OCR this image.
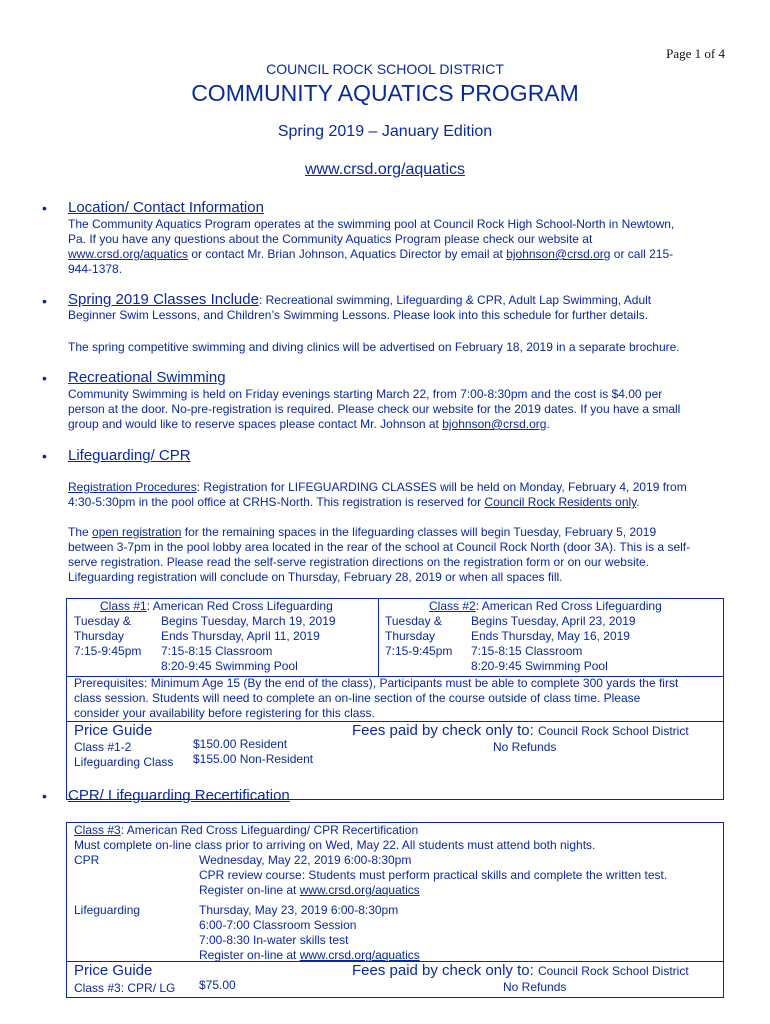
Page 1 of 4
COUNCIL ROCK SCHOOL DISTRICT
COMMUNITY AQUATICS PROGRAM
Spring 2019 – January Edition
www.crsd.org/aquatics
• Location/ Contact Information
The Community Aquatics Program operates at the swimming pool at Council Rock High School-North in Newtown,
Pa. If you have any questions about the Community Aquatics Program please check our website at
www.crsd.org/aquatics or contact Mr. Brian Johnson, Aquatics Director by email at bjohnson@crsd.org or call 215-
944-1378.
• Spring 2019 Classes Include: Recreational swimming, Lifeguarding & CPR, Adult Lap Swimming, Adult
Beginner Swim Lessons, and Children’s Swimming Lessons. Please look into this schedule for further details.
The spring competitive swimming and diving clinics will be advertised on February 18, 2019 in a separate brochure.
• Recreational Swimming
Community Swimming is held on Friday evenings starting March 22, from 7:00-8:30pm and the cost is $4.00 per
person at the door. No-pre-registration is required. Please check our website for the 2019 dates. If you have a small
group and would like to reserve spaces please contact Mr. Johnson at bjohnson@crsd.org.
• Lifeguarding/ CPR
Registration Procedures: Registration for LIFEGUARDING CLASSES will be held on Monday, February 4, 2019 from
4:30-5:30pm in the pool office at CRHS-North. This registration is reserved for Council Rock Residents only.
The open registration for the remaining spaces in the lifeguarding classes will begin Tuesday, February 5, 2019
between 3-7pm in the pool lobby area located in the rear of the school at Council Rock North (door 3A). This is a self-
serve registration. Please read the self-serve registration directions on the registration form or on our website.
Lifeguarding registration will conclude on Thursday, February 28, 2019 or when all spaces fill.
Class #1: American Red Cross Lifeguarding
Tuesday &
Thursday
7:15-9:45pm
Begins Tuesday, March 19, 2019
Ends Thursday, April 11, 2019
7:15-8:15 Classroom
8:20-9:45 Swimming Pool
Class #2: American Red Cross Lifeguarding
Tuesday &
Thursday
7:15-9:45pm
Begins Tuesday, April 23, 2019
Ends Thursday, May 16, 2019
7:15-8:15 Classroom
8:20-9:45 Swimming Pool
Prerequisites: Minimum Age 15 (By the end of the class), Participants must be able to complete 300 yards the first
class session. Students will need to complete an on-line section of the course outside of class time. Please
consider your availability before registering for this class.
Price Guide
Class #1-2
Lifeguarding Class
$150.00 Resident
$155.00 Non-Resident
Fees paid by check only to: Council Rock School District
No Refunds
• CPR/ Lifeguarding Recertification
Class #3: American Red Cross Lifeguarding/ CPR Recertification
Must complete on-line class prior to arriving on Wed, May 22. All students must attend both nights.
CPR	Wednesday, May 22, 2019 6:00-8:30pm
CPR review course: Students must perform practical skills and complete the written test.
Register on-line at www.crsd.org/aquatics
Lifeguarding	Thursday, May 23, 2019 6:00-8:30pm
6:00-7:00 Classroom Session
7:00-8:30 In-water skills test
Register on-line at www.crsd.org/aquatics
Price Guide
Class #3: CPR/ LG $75.00
Fees paid by check only to: Council Rock School District
No Refunds
